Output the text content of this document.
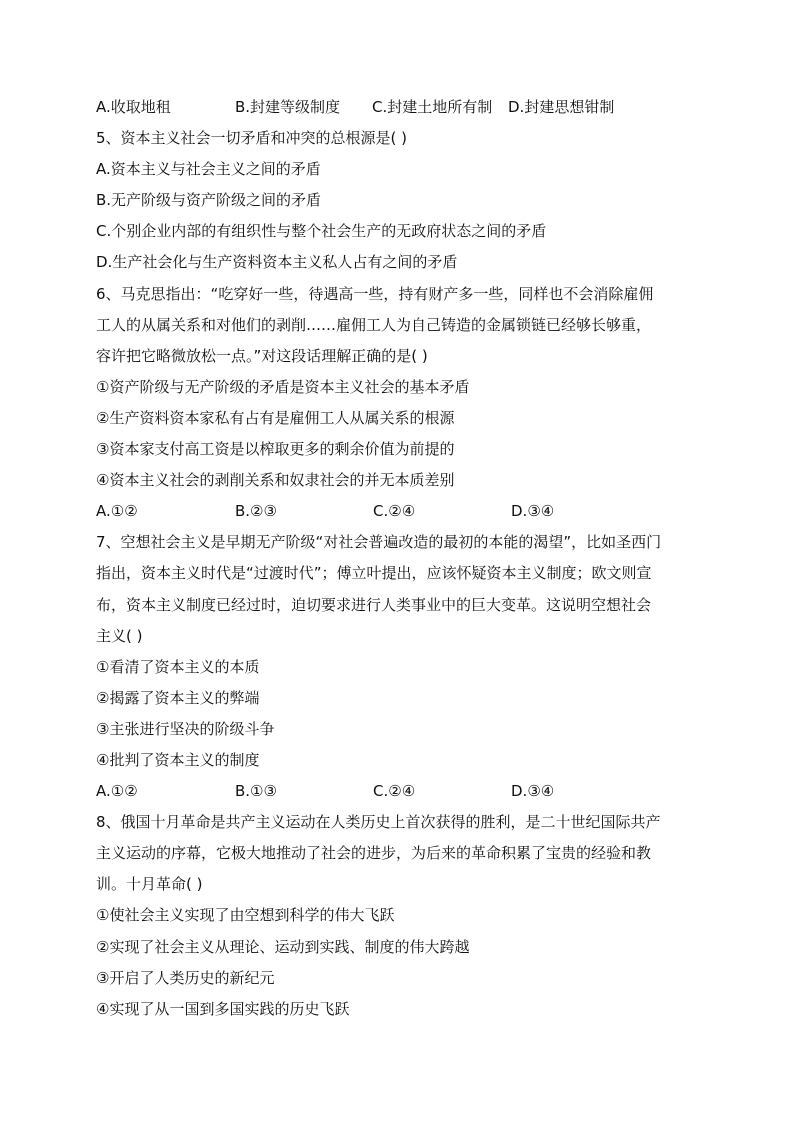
A.收取地租	B.封建等级制度	C.封建土地所有制	D.封建思想钳制
5、资本主义社会一切矛盾和冲突的总根源是( )
A.资本主义与社会主义之间的矛盾
B.无产阶级与资产阶级之间的矛盾
C.个别企业内部的有组织性与整个社会生产的无政府状态之间的矛盾
D.生产社会化与生产资料资本主义私人占有之间的矛盾
6、马克思指出：“吃穿好一些，待遇高一些，持有财产多一些，同样也不会消除雇佣
工人的从属关系和对他们的剥削……雇佣工人为自己铸造的金属锁链已经够长够重，
容许把它略微放松一点。”对这段话理解正确的是( )
①资产阶级与无产阶级的矛盾是资本主义社会的基本矛盾
②生产资料资本家私有占有是雇佣工人从属关系的根源
③资本家支付高工资是以榨取更多的剩余价值为前提的
④资本主义社会的剥削关系和奴隶社会的并无本质差别
A.①②	B.②③	C.②④	D.③④
7、空想社会主义是早期无产阶级“对社会普遍改造的最初的本能的渴望”，比如圣西门
指出，资本主义时代是“过渡时代”；傅立叶提出，应该怀疑资本主义制度；欧文则宣
布，资本主义制度已经过时，迫切要求进行人类事业中的巨大变革。这说明空想社会
主义( )
①看清了资本主义的本质
②揭露了资本主义的弊端
③主张进行坚决的阶级斗争
④批判了资本主义的制度
A.①②	B.①③	C.②④	D.③④
8、俄国十月革命是共产主义运动在人类历史上首次获得的胜利，是二十世纪国际共产
主义运动的序幕，它极大地推动了社会的进步，为后来的革命积累了宝贵的经验和教
训。十月革命( )
①使社会主义实现了由空想到科学的伟大飞跃
②实现了社会主义从理论、运动到实践、制度的伟大跨越
③开启了人类历史的新纪元
④实现了从一国到多国实践的历史飞跃
